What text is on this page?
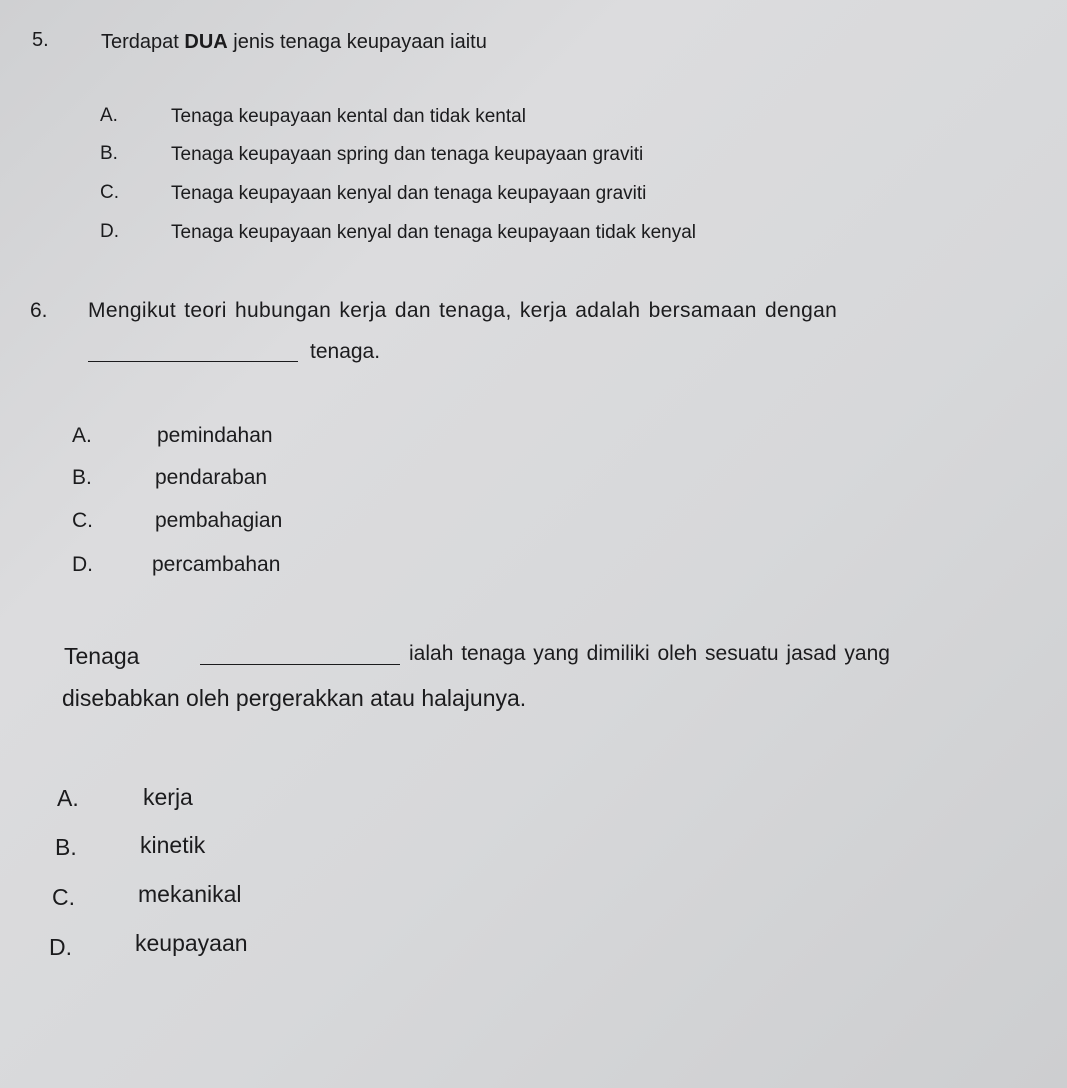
5.	Terdapat DUA jenis tenaga keupayaan iaitu
A.	Tenaga keupayaan kental dan tidak kental
B.	Tenaga keupayaan spring dan tenaga keupayaan graviti
C.	Tenaga keupayaan kenyal dan tenaga keupayaan graviti
D.	Tenaga keupayaan kenyal dan tenaga keupayaan tidak kenyal
6. Mengikut teori hubungan kerja dan tenaga, kerja adalah bersamaan dengan
tenaga.
A.	pemindahan
B.	pendaraban
C.	pembahagian
D.	percambahan
Tenaga	ialah tenaga yang dimiliki oleh sesuatu jasad yang
disebabkan oleh pergerakkan atau halajunya.
A.	kerja
B.	kinetik
C.	mekanikal
D.	keupayaan
